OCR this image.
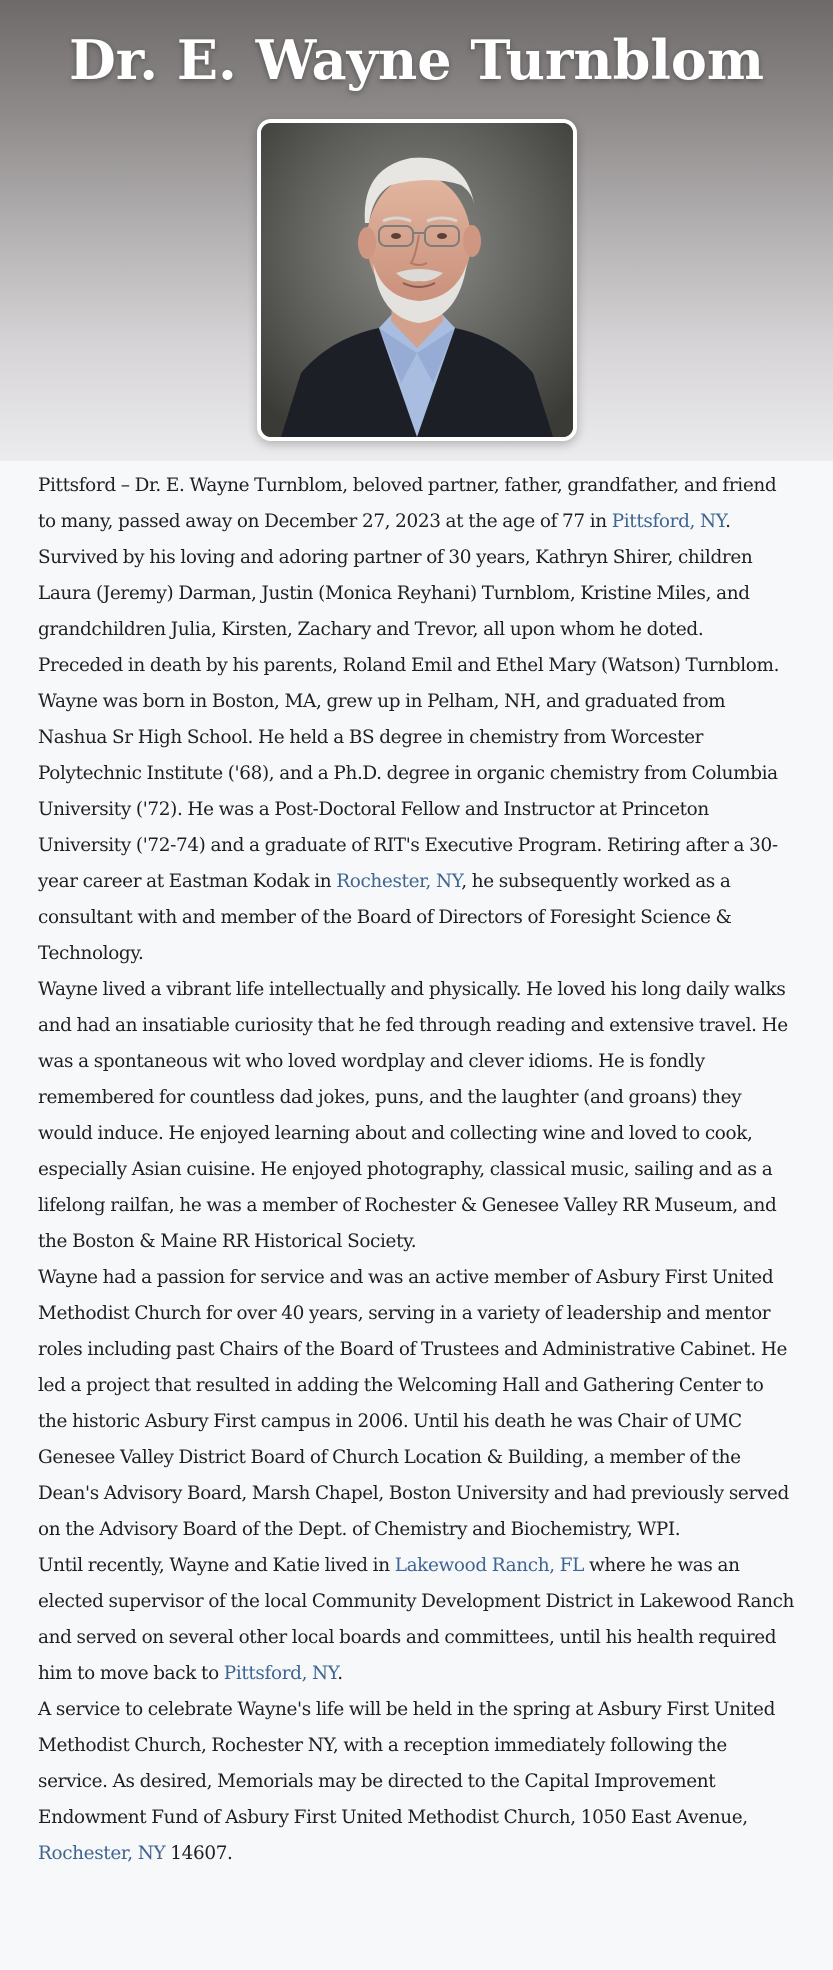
Dr. E. Wayne Turnblom

Pittsford – Dr. E. Wayne Turnblom, beloved partner, father, grandfather, and friend to many, passed away on December 27, 2023 at the age of 77 in Pittsford, NY.

Survived by his loving and adoring partner of 30 years, Kathryn Shirer, children Laura (Jeremy) Darman, Justin (Monica Reyhani) Turnblom, Kristine Miles, and grandchildren Julia, Kirsten, Zachary and Trevor, all upon whom he doted.

Preceded in death by his parents, Roland Emil and Ethel Mary (Watson) Turnblom. Wayne was born in Boston, MA, grew up in Pelham, NH, and graduated from Nashua Sr High School. He held a BS degree in chemistry from Worcester Polytechnic Institute ('68), and a Ph.D. degree in organic chemistry from Columbia University ('72). He was a Post-Doctoral Fellow and Instructor at Princeton University ('72-74) and a graduate of RIT's Executive Program. Retiring after a 30-year career at Eastman Kodak in Rochester, NY, he subsequently worked as a consultant with and member of the Board of Directors of Foresight Science & Technology.

Wayne lived a vibrant life intellectually and physically. He loved his long daily walks and had an insatiable curiosity that he fed through reading and extensive travel. He was a spontaneous wit who loved wordplay and clever idioms. He is fondly remembered for countless dad jokes, puns, and the laughter (and groans) they would induce. He enjoyed learning about and collecting wine and loved to cook, especially Asian cuisine. He enjoyed photography, classical music, sailing and as a lifelong railfan, he was a member of Rochester & Genesee Valley RR Museum, and the Boston & Maine RR Historical Society.

Wayne had a passion for service and was an active member of Asbury First United Methodist Church for over 40 years, serving in a variety of leadership and mentor roles including past Chairs of the Board of Trustees and Administrative Cabinet. He led a project that resulted in adding the Welcoming Hall and Gathering Center to the historic Asbury First campus in 2006. Until his death he was Chair of UMC Genesee Valley District Board of Church Location & Building, a member of the Dean's Advisory Board, Marsh Chapel, Boston University and had previously served on the Advisory Board of the Dept. of Chemistry and Biochemistry, WPI.

Until recently, Wayne and Katie lived in Lakewood Ranch, FL where he was an elected supervisor of the local Community Development District in Lakewood Ranch and served on several other local boards and committees, until his health required him to move back to Pittsford, NY.

A service to celebrate Wayne's life will be held in the spring at Asbury First United Methodist Church, Rochester NY, with a reception immediately following the service. As desired, Memorials may be directed to the Capital Improvement Endowment Fund of Asbury First United Methodist Church, 1050 East Avenue, Rochester, NY 14607.
